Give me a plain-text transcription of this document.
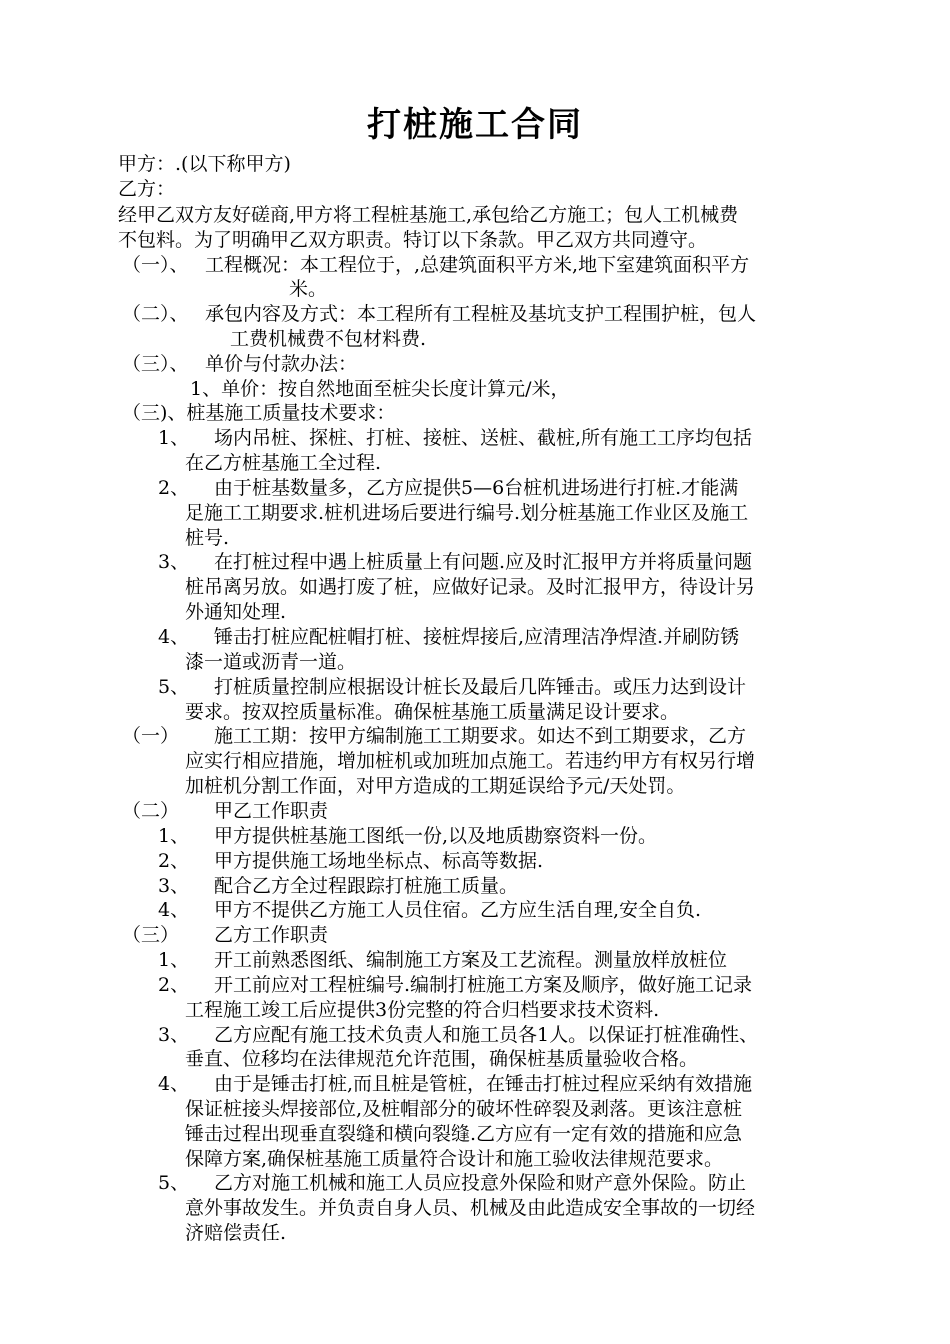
打桩施工合同
甲方：.(以下称甲方)
乙方：
经甲乙双方友好磋商,甲方将工程桩基施工,承包给乙方施工；包人工机械费
不包料。为了明确甲乙双方职责。特订以下条款。甲乙双方共同遵守。
（一）、 工程概况：本工程位于，,总建筑面积平方米,地下室建筑面积平方
米。
（二）、 承包内容及方式：本工程所有工程桩及基坑支护工程围护桩，包人
工费机械费不包材料费.
（三）、 单价与付款办法：
1、单价：按自然地面至桩尖长度计算元/米，
（三)、桩基施工质量技术要求：
1、 场内吊桩、探桩、打桩、接桩、送桩、截桩,所有施工工序均包括
在乙方桩基施工全过程.
2、 由于桩基数量多，乙方应提供5—6台桩机进场进行打桩.才能满
足施工工期要求.桩机进场后要进行编号.划分桩基施工作业区及施工
桩号.
3、 在打桩过程中遇上桩质量上有问题.应及时汇报甲方并将质量问题
桩吊离另放。如遇打废了桩，应做好记录。及时汇报甲方，待设计另
外通知处理.
4、 锤击打桩应配桩帽打桩、接桩焊接后,应清理洁净焊渣.并刷防锈
漆一道或沥青一道。
5、 打桩质量控制应根据设计桩长及最后几阵锤击。或压力达到设计
要求。按双控质量标准。确保桩基施工质量满足设计要求。
（一） 施工工期：按甲方编制施工工期要求。如达不到工期要求，乙方
应实行相应措施，增加桩机或加班加点施工。若违约甲方有权另行增
加桩机分割工作面，对甲方造成的工期延误给予元/天处罚。
（二） 甲乙工作职责
1、 甲方提供桩基施工图纸一份,以及地质勘察资料一份。
2、 甲方提供施工场地坐标点、标高等数据.
3、 配合乙方全过程跟踪打桩施工质量。
4、 甲方不提供乙方施工人员住宿。乙方应生活自理,安全自负.
（三） 乙方工作职责
1、 开工前熟悉图纸、编制施工方案及工艺流程。测量放样放桩位
2、 开工前应对工程桩编号.编制打桩施工方案及顺序，做好施工记录
工程施工竣工后应提供3份完整的符合归档要求技术资料.
3、 乙方应配有施工技术负责人和施工员各1人。以保证打桩准确性、
垂直、位移均在法律规范允许范围，确保桩基质量验收合格。
4、 由于是锤击打桩,而且桩是管桩，在锤击打桩过程应采纳有效措施
保证桩接头焊接部位,及桩帽部分的破坏性碎裂及剥落。更该注意桩
锤击过程出现垂直裂缝和横向裂缝.乙方应有一定有效的措施和应急
保障方案,确保桩基施工质量符合设计和施工验收法律规范要求。
5、 乙方对施工机械和施工人员应投意外保险和财产意外保险。防止
意外事故发生。并负责自身人员、机械及由此造成安全事故的一切经
济赔偿责任.
